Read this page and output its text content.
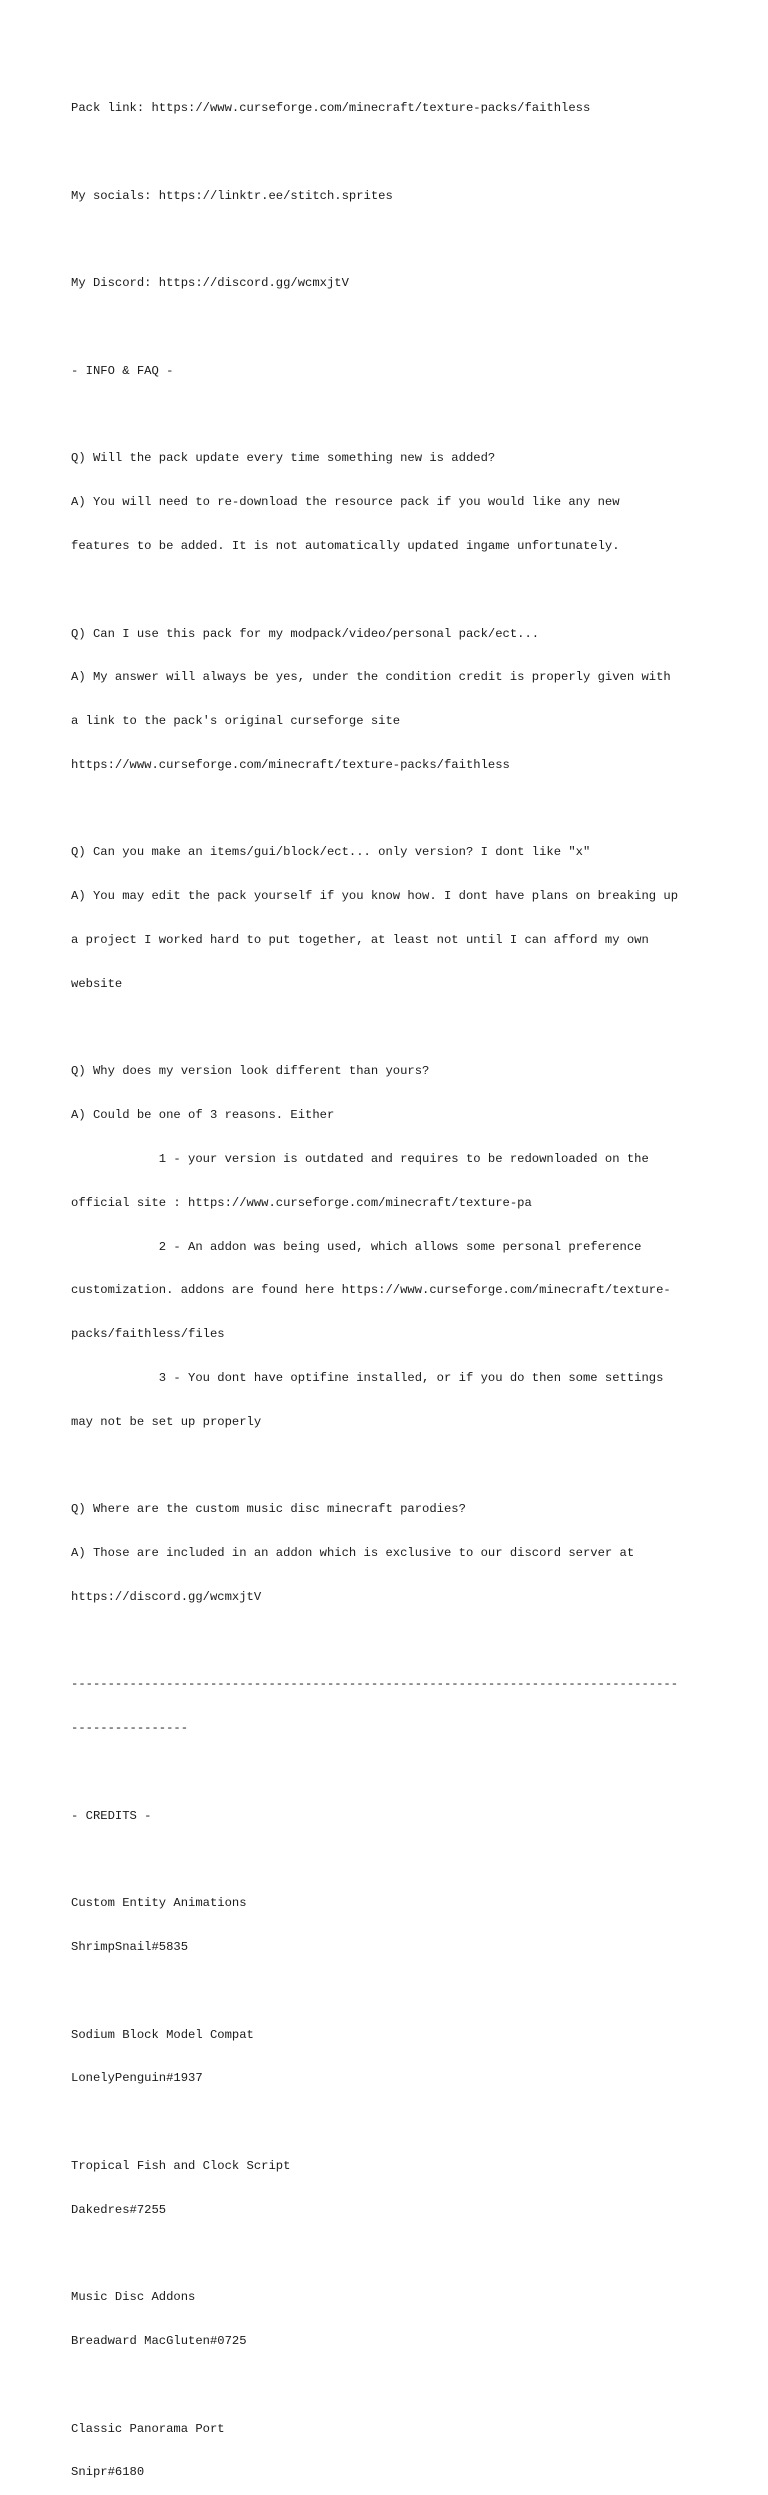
Pack link: https://www.curseforge.com/minecraft/texture-packs/faithless

My socials: https://linktr.ee/stitch.sprites

My Discord: https://discord.gg/wcmxjtV

- INFO & FAQ -

Q) Will the pack update every time something new is added?

A) You will need to re-download the resource pack if you would like any new

features to be added. It is not automatically updated ingame unfortunately.

Q) Can I use this pack for my modpack/video/personal pack/ect...

A) My answer will always be yes, under the condition credit is properly given with

a link to the pack's original curseforge site

https://www.curseforge.com/minecraft/texture-packs/faithless

Q) Can you make an items/gui/block/ect... only version? I dont like "x"

A) You may edit the pack yourself if you know how. I dont have plans on breaking up

a project I worked hard to put together, at least not until I can afford my own

website

Q) Why does my version look different than yours?

A) Could be one of 3 reasons. Either

1 - your version is outdated and requires to be redownloaded on the

official site : https://www.curseforge.com/minecraft/texture-pa

2 - An addon was being used, which allows some personal preference

customization. addons are found here https://www.curseforge.com/minecraft/texture-

packs/faithless/files

3 - You dont have optifine installed, or if you do then some settings

may not be set up properly

Q) Where are the custom music disc minecraft parodies?

A) Those are included in an addon which is exclusive to our discord server at

https://discord.gg/wcmxjtV

-----------------------------------------------------------------------------------

----------------

- CREDITS -

Custom Entity Animations

ShrimpSnail#5835

Sodium Block Model Compat

LonelyPenguin#1937

Tropical Fish and Clock Script

Dakedres#7255

Music Disc Addons

Breadward MacGluten#0725

Classic Panorama Port

Snipr#6180
